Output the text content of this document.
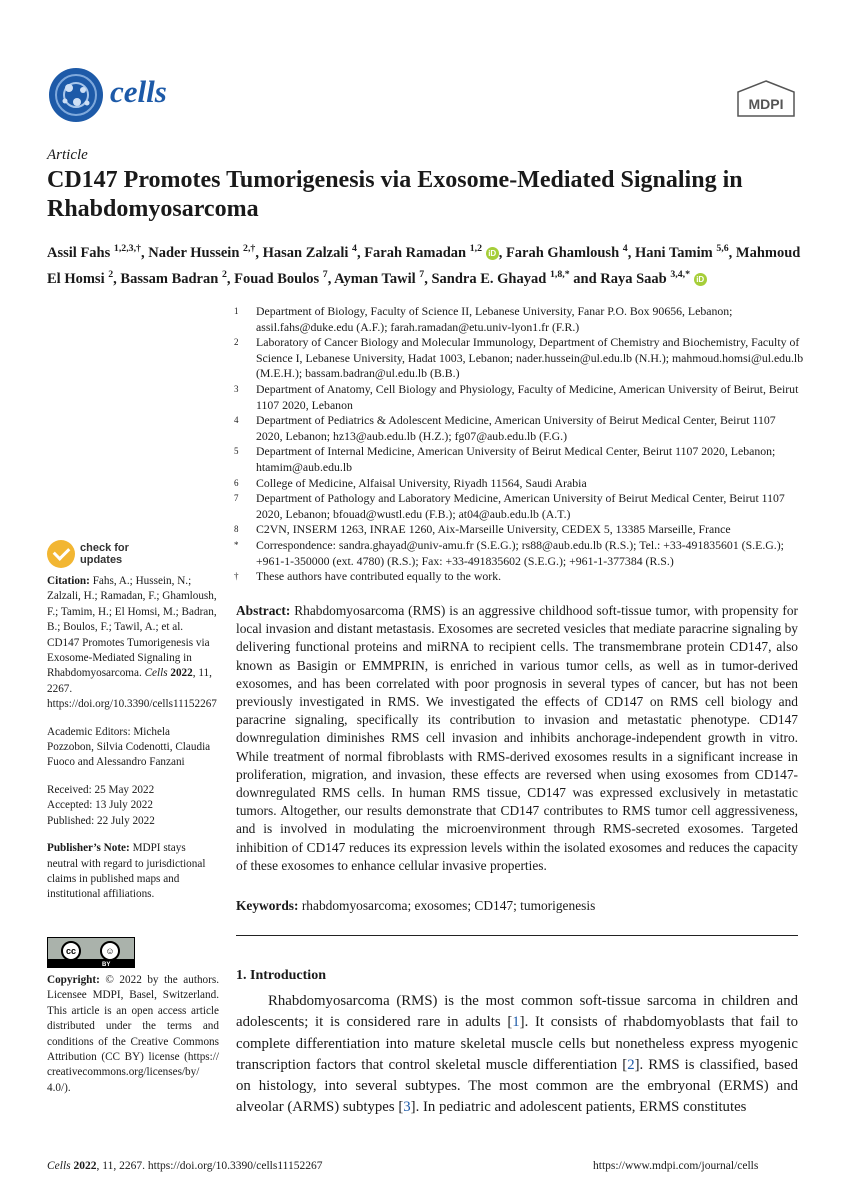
cells	MDPI
Article
CD147 Promotes Tumorigenesis via Exosome-Mediated Signaling in Rhabdomyosarcoma
Assil Fahs $^{1,2,3,\dagger}$, Nader Hussein $^{2,\dagger}$, Hasan Zalzali $^4$, Farah Ramadan $^{1,2}$ iD , Farah Ghamloush $^4$, Hani Tamim $^{5,6}$, Mahmoud El Homsi $^2$, Bassam Badran $^2$, Fouad Boulos $^7$, Ayman Tawil $^7$, Sandra E. Ghayad $^{1,8,*}$ and Raya Saab $^{3,4,*}$ iD
1	Department of Biology, Faculty of Science II, Lebanese University, Fanar P.O. Box 90656, Lebanon; assil.fahs@duke.edu (A.F.); farah.ramadan@etu.univ-lyon1.fr (F.R.)
2	Laboratory of Cancer Biology and Molecular Immunology, Department of Chemistry and Biochemistry, Faculty of Science I, Lebanese University, Hadat 1003, Lebanon; nader.hussein@ul.edu.lb (N.H.); mahmoud.homsi@ul.edu.lb (M.E.H.); bassam.badran@ul.edu.lb (B.B.)
3	Department of Anatomy, Cell Biology and Physiology, Faculty of Medicine, American University of Beirut, Beirut 1107 2020, Lebanon
4	Department of Pediatrics & Adolescent Medicine, American University of Beirut Medical Center, Beirut 1107 2020, Lebanon; hz13@aub.edu.lb (H.Z.); fg07@aub.edu.lb (F.G.)
5	Department of Internal Medicine, American University of Beirut Medical Center, Beirut 1107 2020, Lebanon; htamim@aub.edu.lb
6	College of Medicine, Alfaisal University, Riyadh 11564, Saudi Arabia
7	Department of Pathology and Laboratory Medicine, American University of Beirut Medical Center, Beirut 1107 2020, Lebanon; bfouad@wustl.edu (F.B.); at04@aub.edu.lb (A.T.)
8	C2VN, INSERM 1263, INRAE 1260, Aix-Marseille University, CEDEX 5, 13385 Marseille, France
*	Correspondence: sandra.ghayad@univ-amu.fr (S.E.G.); rs88@aub.edu.lb (R.S.); Tel.: +33-491835601 (S.E.G.); +961-1-350000 (ext. 4780) (R.S.); Fax: +33-491835602 (S.E.G.); +961-1-377384 (R.S.)
†	These authors have contributed equally to the work.
check for
updates
Citation: Fahs, A.; Hussein, N.; Zalzali, H.; Ramadan, F.; Ghamloush, F.; Tamim, H.; El Homsi, M.; Badran, B.; Boulos, F.; Tawil, A.; et al. CD147 Promotes Tumorigenesis via Exosome-Mediated Signaling in Rhabdomyosarcoma. Cells 2022, 11, 2267. https://doi.org/10.3390/cells11152267
Academic Editors: Michela Pozzobon, Silvia Codenotti, Claudia Fuoco and Alessandro Fanzani
Received: 25 May 2022
Accepted: 13 July 2022
Published: 22 July 2022
Publisher’s Note: MDPI stays neutral with regard to jurisdictional claims in published maps and institutional affiliations.
cc	☺
BY
Copyright: © 2022 by the authors. Licensee MDPI, Basel, Switzerland. This article is an open access article distributed under the terms and conditions of the Creative Commons Attribution (CC BY) license (https:// creativecommons.org/licenses/by/ 4.0/).
Abstract: Rhabdomyosarcoma (RMS) is an aggressive childhood soft-tissue tumor, with propensity for local invasion and distant metastasis. Exosomes are secreted vesicles that mediate paracrine signaling by delivering functional proteins and miRNA to recipient cells. The transmembrane protein CD147, also known as Basigin or EMMPRIN, is enriched in various tumor cells, as well as in tumor-derived exosomes, and has been correlated with poor prognosis in several types of cancer, but has not been previously investigated in RMS. We investigated the effects of CD147 on RMS cell biology and paracrine signaling, specifically its contribution to invasion and metastatic phenotype. CD147 downregulation diminishes RMS cell invasion and inhibits anchorage-independent growth in vitro. While treatment of normal fibroblasts with RMS-derived exosomes results in a significant increase in proliferation, migration, and invasion, these effects are reversed when using exosomes from CD147-downregulated RMS cells. In human RMS tissue, CD147 was expressed exclusively in metastatic tumors. Altogether, our results demonstrate that CD147 contributes to RMS tumor cell aggressiveness, and is involved in modulating the microenvironment through RMS-secreted exosomes. Targeted inhibition of CD147 reduces its expression levels within the isolated exosomes and reduces the capacity of these exosomes to enhance cellular invasive properties.
Keywords: rhabdomyosarcoma; exosomes; CD147; tumorigenesis
1. Introduction

Rhabdomyosarcoma (RMS) is the most common soft-tissue sarcoma in children and adolescents; it is considered rare in adults [1]. It consists of rhabdomyoblasts that fail to complete differentiation into mature skeletal muscle cells but nonetheless express myogenic transcription factors that control skeletal muscle differentiation [2]. RMS is classified, based on histology, into several subtypes. The most common are the embryonal (ERMS) and alveolar (ARMS) subtypes [3]. In pediatric and adolescent patients, ERMS constitutes

Cells 2022, 11, 2267. https://doi.org/10.3390/cells11152267	https://www.mdpi.com/journal/cells
